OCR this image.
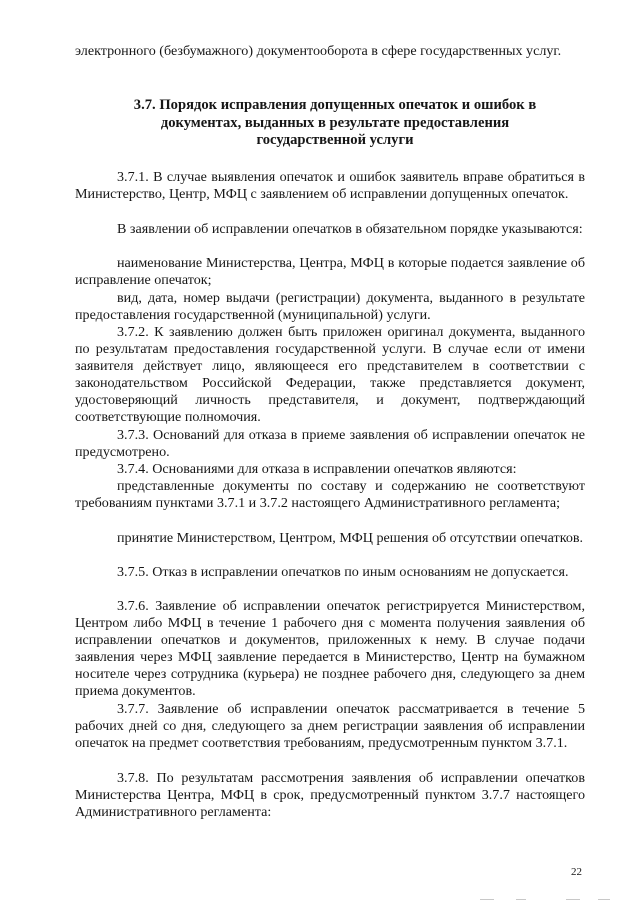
электронного (безбумажного) документооборота в сфере государственных услуг.

3.7. Порядок исправления допущенных опечаток и ошибок в документах, выданных в результате предоставления государственной услуги

3.7.1. В случае выявления опечаток и ошибок заявитель вправе обратиться в Министерство, Центр, МФЦ с заявлением об исправлении допущенных опечаток.

В заявлении об исправлении опечатков в обязательном порядке указываются:

наименование Министерства, Центра, МФЦ в которые подается заявление об исправление опечаток;

вид, дата, номер выдачи (регистрации) документа, выданного в результате предоставления государственной (муниципальной) услуги.

3.7.2. К заявлению должен быть приложен оригинал документа, выданного по результатам предоставления государственной услуги. В случае если от имени заявителя действует лицо, являющееся его представителем в соответствии с законодательством Российской Федерации, также представляется документ, удостоверяющий личность представителя, и документ, подтверждающий соответствующие полномочия.

3.7.3. Оснований для отказа в приеме заявления об исправлении опечаток не предусмотрено.

3.7.4. Основаниями для отказа в исправлении опечатков являются:

представленные документы по составу и содержанию не соответствуют требованиям пунктами 3.7.1 и 3.7.2 настоящего Административного регламента;

принятие Министерством, Центром, МФЦ решения об отсутствии опечатков.

3.7.5. Отказ в исправлении опечатков по иным основаниям не допускается.

3.7.6. Заявление об исправлении опечаток регистрируется Министерством, Центром либо МФЦ в течение 1 рабочего дня с момента получения заявления об исправлении опечатков и документов, приложенных к нему. В случае подачи заявления через МФЦ заявление передается в Министерство, Центр на бумажном носителе через сотрудника (курьера) не позднее рабочего дня, следующего за днем приема документов.

3.7.7. Заявление об исправлении опечаток рассматривается в течение 5 рабочих дней со дня, следующего за днем регистрации заявления об исправлении опечаток на предмет соответствия требованиям, предусмотренным пунктом 3.7.1.

3.7.8. По результатам рассмотрения заявления об исправлении опечатков Министерства Центра, МФЦ в срок, предусмотренный пунктом 3.7.7 настоящего Административного регламента:

22
